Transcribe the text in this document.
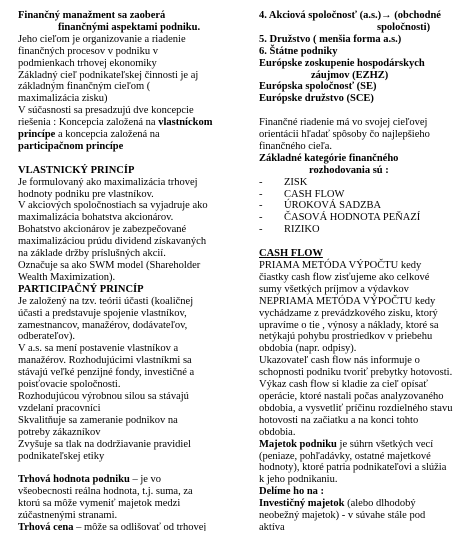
Finančný manažment sa zaoberá
finančnými aspektami podniku.
Jeho cieľom je organizovanie a riadenie
finančných procesov v podniku v
podmienkach trhovej ekonomiky
Základný cieľ podnikateľskej činnosti je aj
základným finančným cieľom (
maximalizácia zisku)
V súčasnosti sa presadzujú dve koncepcie
riešenia : Koncepcia založená na vlastníckom
princípe a koncepcia založená na
participačnom princípe
VLASTNICKÝ PRINCÍP
Je formulovaný ako maximalizácia trhovej
hodnoty podniku pre vlastníkov.
V akciových spoločnostiach sa vyjadruje ako
maximalizácia bohatstva akcionárov.
Bohatstvo akcionárov je zabezpečované
maximalizáciou prúdu dividend získavaných
na základe držby príslušných akcií.
Označuje sa ako SWM model (Shareholder
Wealth Maximization).
PARTICIPAČNÝ PRINCÍP
Je založený na tzv. teórii účasti (koaličnej
účasti a predstavuje spojenie vlastníkov,
zamestnancov, manažérov, dodávateľov,
odberateľov).
V a.s. sa mení postavenie vlastníkov a
manažérov. Rozhodujúcimi vlastníkmi sa
stávajú veľké penzijné fondy, investičné a
poisťovacie spoločnosti.
Rozhodujúcou výrobnou silou sa stávajú
vzdelaní pracovníci
Skvalitňuje sa zameranie podnikov na
potreby zákazníkov
Zvyšuje sa tlak na dodržiavanie pravidiel
podnikateľskej etiky
Trhová hodnota podniku – je vo
všeobecnosti reálna hodnota, t.j. suma, za
ktorú sa môže vymeniť majetok medzi
zúčastnenými stranami.
Trhová cena – môže sa odlišovať od trhovej
4. Akciová spoločnosť (a.s.)→ (obchodné
spoločnosti)
5. Družstvo ( menšia forma a.s.)
6. Štátne podniky
Európske zoskupenie hospodárskych
záujmov (EZHZ)
Európska spoločnosť (SE)
Európske družstvo (SCE)
Finančné riadenie má vo svojej cieľovej
orientácii hľadať spôsoby čo najlepšieho
finančného cieľa.
Základné kategórie finančného
rozhodovania sú :
- ZISK
- CASH FLOW
- ÚROKOVÁ SADZBA
- ČASOVÁ HODNOTA PEŇAZÍ
- RIZIKO
CASH FLOW
PRIAMA METÓDA VÝPOČTU kedy
čiastky cash flow zisťujeme ako celkové
sumy všetkých príjmov a výdavkov
NEPRIAMA METÓDA VÝPOČTU kedy
vychádzame z prevádzkového zisku, ktorý
upravíme o tie , výnosy a náklady, ktoré sa
netýkajú pohybu prostriedkov v priebehu
obdobia (napr. odpisy).
Ukazovateľ cash flow nás informuje o
schopnosti podniku tvoriť prebytky hotovosti.
Výkaz cash flow si kladie za cieľ opísať
operácie, ktoré nastali počas analyzovaného
obdobia, a vysvetliť príčinu rozdielného stavu
hotovosti na začiatku a na konci tohto
obdobia.
Majetok podniku je súhrn všetkých vecí
(peniaze, pohľadávky, ostatné majetkové
hodnoty), ktoré patria podnikateľovi a slúžia
k jeho podnikaniu.
Delíme ho na :
Investičný majetok (alebo dlhodobý
neobežný majetok) - v súvahe stále pod
aktíva
